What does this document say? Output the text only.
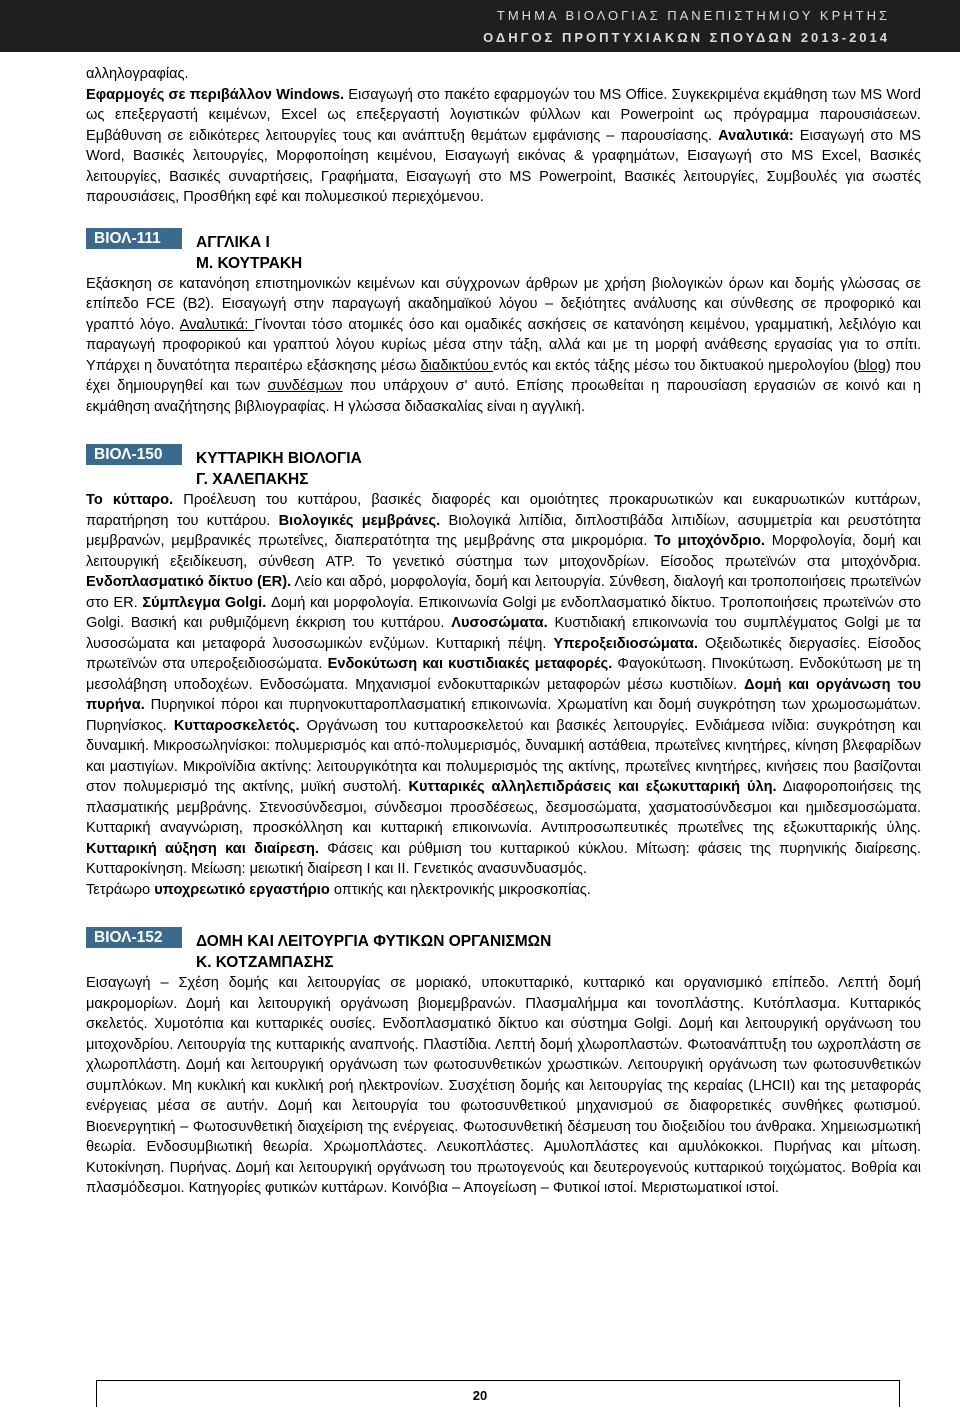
ΤΜΗΜΑ ΒΙΟΛΟΓΙΑΣ ΠΑΝΕΠΙΣΤΗΜΙΟΥ ΚΡΗΤΗΣ
ΟΔΗΓΟΣ ΠΡΟΠΤΥΧΙΑΚΩΝ ΣΠΟΥΔΩΝ 2013-2014

αλληλογραφίας.
Εφαρμογές σε περιβάλλον Windows. Εισαγωγή στο πακέτο εφαρμογών του MS Office. Συγκεκριμένα εκμάθηση των MS Word ως επεξεργαστή κειμένων, Excel ως επεξεργαστή λογιστικών φύλλων και Powerpoint ως πρόγραμμα παρουσιάσεων. Εμβάθυνση σε ειδικότερες λειτουργίες τους και ανάπτυξη θεμάτων εμφάνισης – παρουσίασης. Αναλυτικά: Εισαγωγή στο MS Word, Βασικές λειτουργίες, Μορφοποίηση κειμένου, Εισαγωγή εικόνας & γραφημάτων, Εισαγωγή στο MS Excel, Βασικές λειτουργίες, Βασικές συναρτήσεις, Γραφήματα, Εισαγωγή στο MS Powerpoint, Βασικές λειτουργίες, Συμβουλές για σωστές παρουσιάσεις, Προσθήκη εφέ και πολυμεσικού περιεχόμενου.

ΒΙΟΛ-111	ΑΓΓΛΙΚΑ Ι
Μ. ΚΟΥΤΡΑΚΗ

Εξάσκηση σε κατανόηση επιστημονικών κειμένων και σύγχρονων άρθρων με χρήση βιολογικών όρων και δομής γλώσσας σε επίπεδο FCE (B2). Εισαγωγή στην παραγωγή ακαδημαϊκού λόγου – δεξιότητες ανάλυσης και σύνθεσης σε προφορικό και γραπτό λόγο. Αναλυτικά: Γίνονται τόσο ατομικές όσο και ομαδικές ασκήσεις σε κατανόηση κειμένου, γραμματική, λεξιλόγιο και παραγωγή προφορικού και γραπτού λόγου κυρίως μέσα στην τάξη, αλλά και με τη μορφή ανάθεσης εργασίας για το σπίτι. Υπάρχει η δυνατότητα περαιτέρω εξάσκησης μέσω διαδικτύου εντός και εκτός τάξης μέσω του δικτυακού ημερολογίου (blog) που έχει δημιουργηθεί και των συνδέσμων που υπάρχουν σ' αυτό. Επίσης προωθείται η παρουσίαση εργασιών σε κοινό και η εκμάθηση αναζήτησης βιβλιογραφίας. Η γλώσσα διδασκαλίας είναι η αγγλική.

ΒΙΟΛ-150	ΚΥΤΤΑΡΙΚΗ ΒΙΟΛΟΓΙΑ
Γ. ΧΑΛΕΠΑΚΗΣ

Το κύτταρο. Προέλευση του κυττάρου, βασικές διαφορές και ομοιότητες προκαρυωτικών και ευκαρυωτικών κυττάρων, παρατήρηση του κυττάρου. Βιολογικές μεμβράνες. Βιολογικά λιπίδια, διπλοστιβάδα λιπιδίων, ασυμμετρία και ρευστότητα μεμβρανών, μεμβρανικές πρωτεΐνες, διαπερατότητα της μεμβράνης στα μικρομόρια. Το μιτοχόνδριο. Μορφολογία, δομή και λειτουργική εξειδίκευση, σύνθεση ATP. Το γενετικό σύστημα των μιτοχονδρίων. Είσοδος πρωτεϊνών στα μιτοχόνδρια. Ενδοπλασματικό δίκτυο (ER). Λείο και αδρό, μορφολογία, δομή και λειτουργία. Σύνθεση, διαλογή και τροποποιήσεις πρωτεϊνών στο ER. Σύμπλεγμα Golgi. Δομή και μορφολογία. Επικοινωνία Golgi με ενδοπλασματικό δίκτυο. Τροποποιήσεις πρωτεϊνών στο Golgi. Βασική και ρυθμιζόμενη έκκριση του κυττάρου. Λυσοσώματα. Κυστιδιακή επικοινωνία του συμπλέγματος Golgi με τα λυσοσώματα και μεταφορά λυσοσωμικών ενζύμων. Κυτταρική πέψη. Υπεροξειδιοσώματα. Οξειδωτικές διεργασίες. Είσοδος πρωτεϊνών στα υπεροξειδιοσώματα. Ενδοκύτωση και κυστιδιακές μεταφορές. Φαγοκύτωση. Πινοκύτωση. Ενδοκύτωση με τη μεσολάβηση υποδοχέων. Ενδοσώματα. Μηχανισμοί ενδοκυτταρικών μεταφορών μέσω κυστιδίων. Δομή και οργάνωση του πυρήνα. Πυρηνικοί πόροι και πυρηνοκυτταροπλασματική επικοινωνία. Χρωματίνη και δομή συγκρότηση των χρωμοσωμάτων. Πυρηνίσκος. Κυτταροσκελετός. Οργάνωση του κυτταροσκελετού και βασικές λειτουργίες. Ενδιάμεσα ινίδια: συγκρότηση και δυναμική. Μικροσωληνίσκοι: πολυμερισμός και από-πολυμερισμός, δυναμική αστάθεια, πρωτεΐνες κινητήρες, κίνηση βλεφαρίδων και μαστιγίων. Μικροϊνίδια ακτίνης: λειτουργικότητα και πολυμερισμός της ακτίνης, πρωτεΐνες κινητήρες, κινήσεις που βασίζονται στον πολυμερισμό της ακτίνης, μυϊκή συστολή. Κυτταρικές αλληλεπιδράσεις και εξωκυτταρική ύλη. Διαφοροποιήσεις της πλασματικής μεμβράνης. Στενοσύνδεσμοι, σύνδεσμοι προσδέσεως, δεσμοσώματα, χασματοσύνδεσμοι και ημιδεσμοσώματα. Κυτταρική αναγνώριση, προσκόλληση και κυτταρική επικοινωνία. Αντιπροσωπευτικές πρωτεΐνες της εξωκυτταρικής ύλης. Κυτταρική αύξηση και διαίρεση. Φάσεις και ρύθμιση του κυτταρικού κύκλου. Μίτωση: φάσεις της πυρηνικής διαίρεσης. Κυτταροκίνηση. Μείωση: μειωτική διαίρεση I και II. Γενετικός ανασυνδυασμός.

Τετράωρο υποχρεωτικό εργαστήριο οπτικής και ηλεκτρονικής μικροσκοπίας.

ΒΙΟΛ-152	ΔΟΜΗ ΚΑΙ ΛΕΙΤΟΥΡΓΙΑ ΦΥΤΙΚΩΝ ΟΡΓΑΝΙΣΜΩΝ
Κ. ΚΟΤΖΑΜΠΑΣΗΣ

Εισαγωγή – Σχέση δομής και λειτουργίας σε μοριακό, υποκυτταρικό, κυτταρικό και οργανισμικό επίπεδο. Λεπτή δομή μακρομορίων. Δομή και λειτουργική οργάνωση βιομεμβρανών. Πλασμαλήμμα και τονοπλάστης. Κυτόπλασμα. Κυτταρικός σκελετός. Χυμοτόπια και κυτταρικές ουσίες. Ενδοπλασματικό δίκτυο και σύστημα Golgi. Δομή και λειτουργική οργάνωση του μιτοχονδρίου. Λειτουργία της κυτταρικής αναπνοής. Πλαστίδια. Λεπτή δομή χλωροπλαστών. Φωτοανάπτυξη του ωχροπλάστη σε χλωροπλάστη. Δομή και λειτουργική οργάνωση των φωτοσυνθετικών χρωστικών. Λειτουργική οργάνωση των φωτοσυνθετικών συμπλόκων. Μη κυκλική και κυκλική ροή ηλεκτρονίων. Συσχέτιση δομής και λειτουργίας της κεραίας (LHCII) και της μεταφοράς ενέργειας μέσα σε αυτήν. Δομή και λειτουργία του φωτοσυνθετικού μηχανισμού σε διαφορετικές συνθήκες φωτισμού. Βιοενεργητική – Φωτοσυνθετική διαχείριση της ενέργειας. Φωτοσυνθετική δέσμευση του διοξειδίου του άνθρακα. Χημειωσμωτική θεωρία. Ενδοσυμβιωτική θεωρία. Χρωμοπλάστες. Λευκοπλάστες. Αμυλοπλάστες και αμυλόκοκκοι. Πυρήνας και μίτωση. Κυτοκίνηση. Πυρήνας. Δομή και λειτουργική οργάνωση του πρωτογενούς και δευτερογενούς κυτταρικού τοιχώματος. Βοθρία και πλασμόδεσμοι. Κατηγορίες φυτικών κυττάρων. Κοινόβια – Απογείωση – Φυτικοί ιστοί. Μεριστωματικοί ιστοί.

20
